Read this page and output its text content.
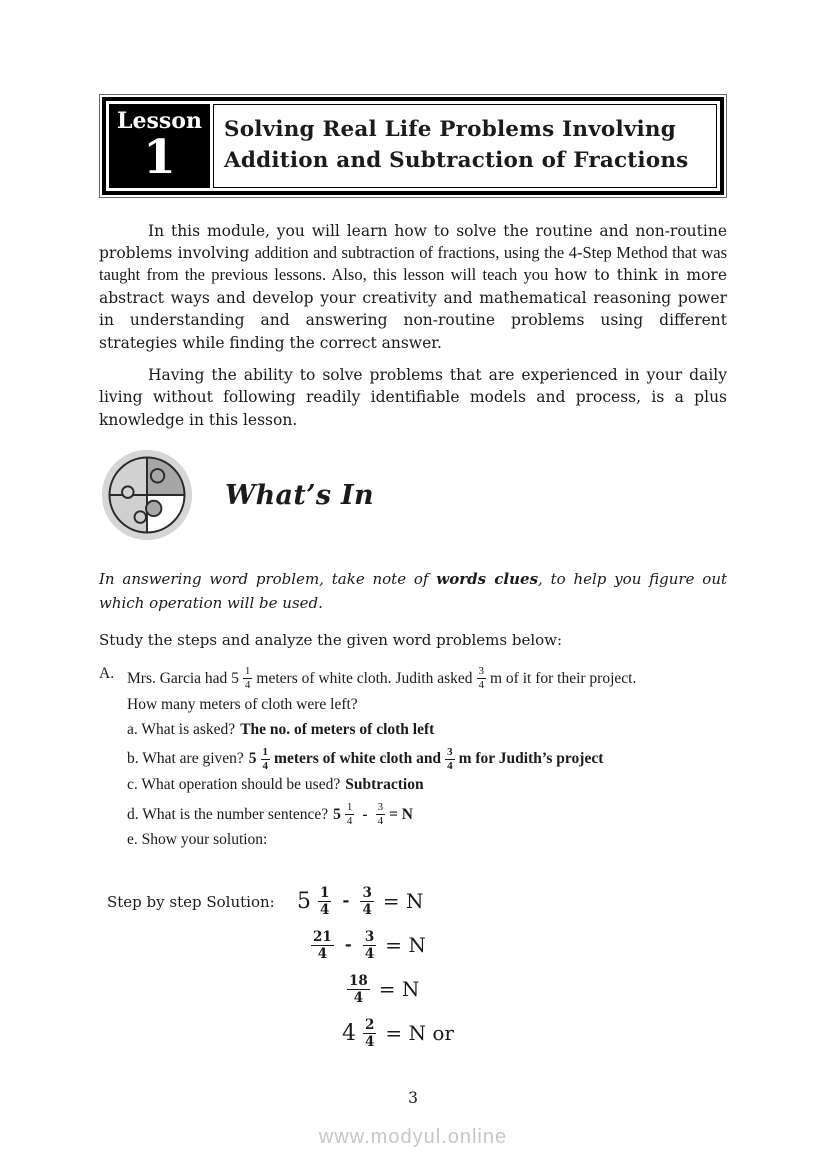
Lesson
1
Solving Real Life Problems Involving
Addition and Subtraction of Fractions

In this module, you will learn how to solve the routine and non-routine problems involving addition and subtraction of fractions, using the 4-Step Method that was taught from the previous lessons. Also, this lesson will teach you how to think in more abstract ways and develop your creativity and mathematical reasoning power in understanding and answering non-routine problems using different strategies while finding the correct answer.

Having the ability to solve problems that are experienced in your daily living without following readily identifiable models and process, is a plus knowledge in this lesson.

What’s In

In answering word problem, take note of words clues, to help you figure out which operation will be used.

Study the steps and analyze the given word problems below:

A. Mrs. Garcia had $5 \frac{1}{4}$ meters of white cloth. Judith asked $\frac{3}{4}$ m of it for their project.
How many meters of cloth were left?
a. What is asked? The no. of meters of cloth left
b. What are given? $5 \frac{1}{4}$ meters of white cloth and $\frac{3}{4}$ m for Judith’s project
c. What operation should be used? Subtraction
d. What is the number sentence? $5 \frac{1}{4} - \frac{3}{4} = N$
e. Show your solution:
Step by step Solution: $5 \frac{1}{4} - \frac{3}{4} = N$
$\frac{21}{4} - \frac{3}{4} = N$
$\frac{18}{4} = N$
$4 \frac{2}{4} = N$ or
3
www.modyul.online
